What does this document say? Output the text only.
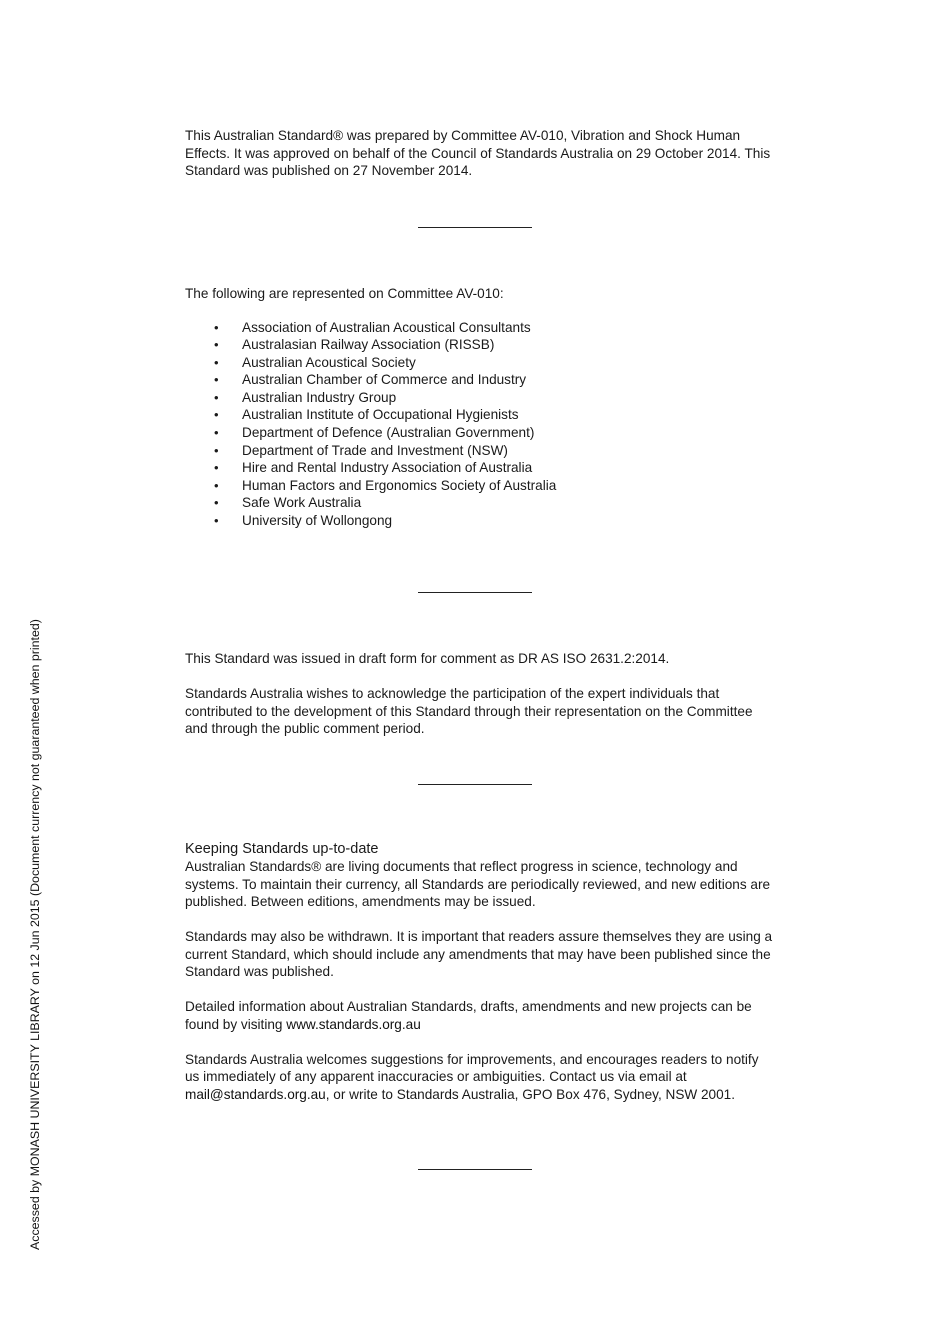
This Australian Standard® was prepared by Committee AV-010, Vibration and Shock Human Effects. It was approved on behalf of the Council of Standards Australia on 29 October 2014. This Standard was published on 27 November 2014.

The following are represented on Committee AV-010:

• Association of Australian Acoustical Consultants
• Australasian Railway Association (RISSB)
• Australian Acoustical Society
• Australian Chamber of Commerce and Industry
• Australian Industry Group
• Australian Institute of Occupational Hygienists
• Department of Defence (Australian Government)
• Department of Trade and Investment (NSW)
• Hire and Rental Industry Association of Australia
• Human Factors and Ergonomics Society of Australia
• Safe Work Australia
• University of Wollongong

This Standard was issued in draft form for comment as DR AS ISO 2631.2:2014.

Standards Australia wishes to acknowledge the participation of the expert individuals that contributed to the development of this Standard through their representation on the Committee and through the public comment period.

Keeping Standards up-to-date

Australian Standards® are living documents that reflect progress in science, technology and systems. To maintain their currency, all Standards are periodically reviewed, and new editions are published. Between editions, amendments may be issued.

Standards may also be withdrawn. It is important that readers assure themselves they are using a current Standard, which should include any amendments that may have been published since the Standard was published.

Detailed information about Australian Standards, drafts, amendments and new projects can be found by visiting www.standards.org.au

Standards Australia welcomes suggestions for improvements, and encourages readers to notify us immediately of any apparent inaccuracies or ambiguities. Contact us via email at mail@standards.org.au, or write to Standards Australia, GPO Box 476, Sydney, NSW 2001.

Accessed by MONASH UNIVERSITY LIBRARY on 12 Jun 2015 (Document currency not guaranteed when printed)
